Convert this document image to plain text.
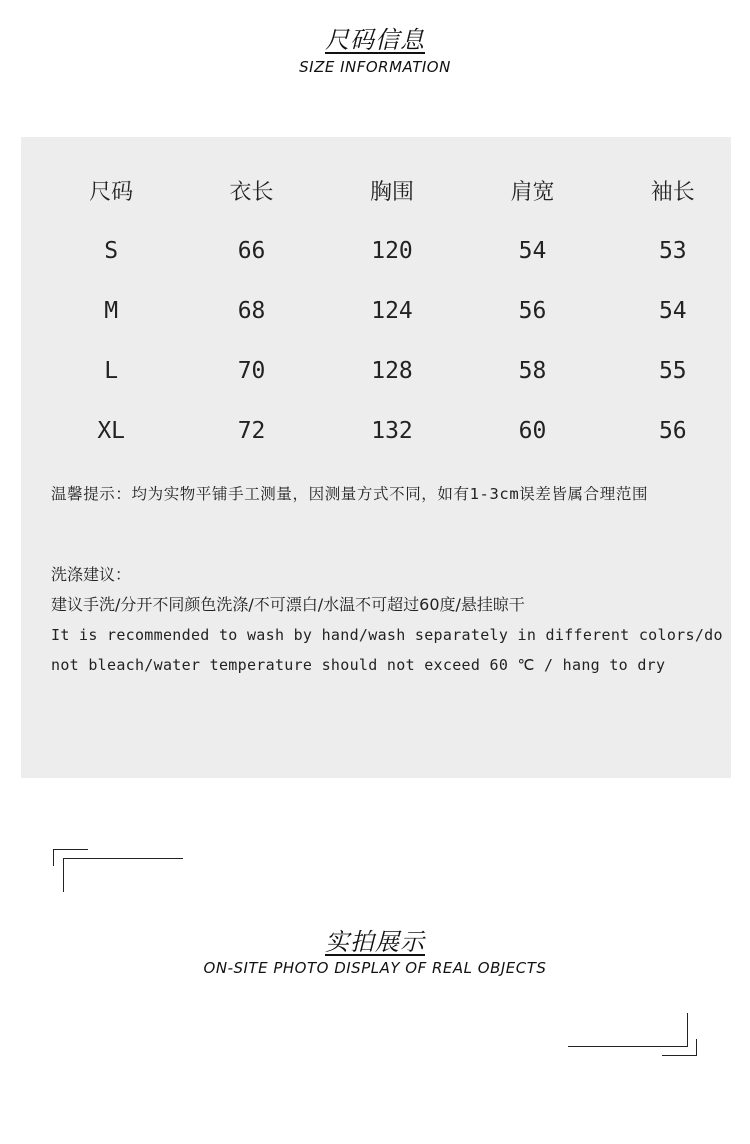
尺码信息
SIZE INFORMATION
尺码	衣长	胸围	肩宽	袖长
S	66	120	54	53
M	68	124	56	54
L	70	128	58	55
XL	72	132	60	56
温馨提示：均为实物平铺手工测量，因测量方式不同，如有1-3cm误差皆属合理范围
洗涤建议：
建议手洗/分开不同颜色洗涤/不可漂白/水温不可超过60度/悬挂晾干
It is recommended to wash by hand/wash separately in different colors/do
not bleach/water temperature should not exceed 60 ℃ / hang to dry
实拍展示
ON-SITE PHOTO DISPLAY OF REAL OBJECTS
